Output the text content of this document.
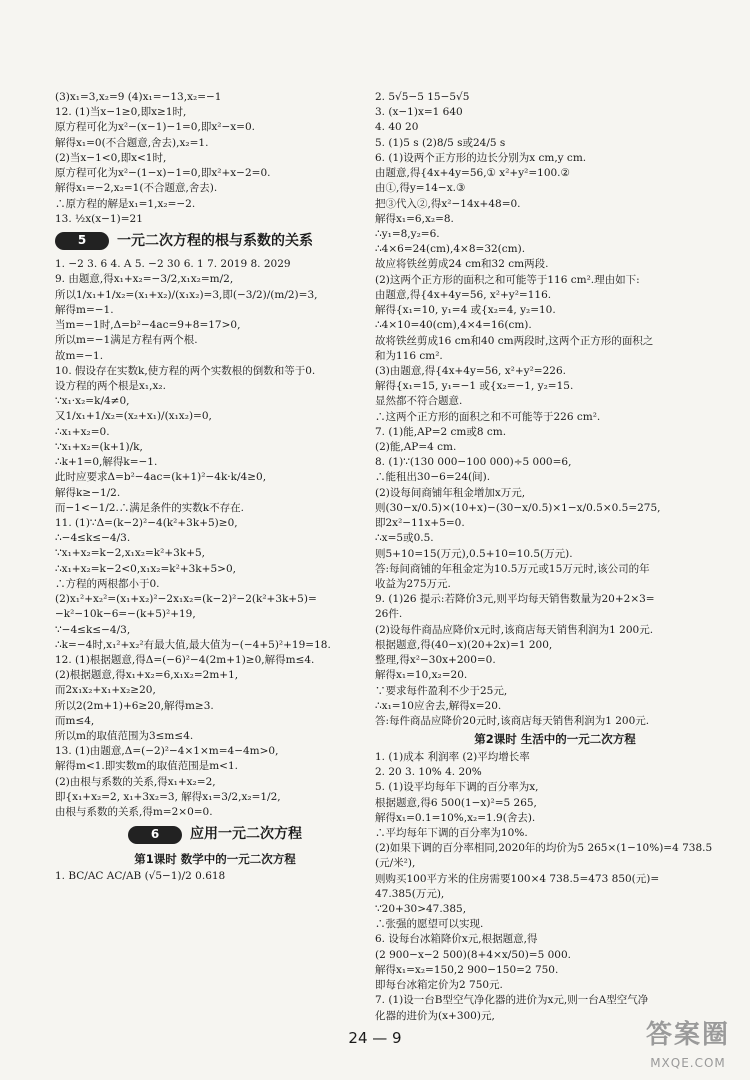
(3)x₁=3,x₂=9 (4)x₁=−13,x₂=−1
12. (1)当x−1≥0,即x≥1时,
原方程可化为x²−(x−1)−1=0,即x²−x=0.
解得x₁=0(不合题意,舍去),x₂=1.
(2)当x−1<0,即x<1时,
原方程可化为x²−(1−x)−1=0,即x²+x−2=0.
解得x₁=−2,x₂=1(不合题意,舍去).
∴原方程的解是x₁=1,x₂=−2.
13. ½x(x−1)=21
5	一元二次方程的根与系数的关系
1. −2 3. 6 4. A 5. −2 30 6. 1 7. 2019 8. 2029
9. 由题意,得x₁+x₂=−3/2,x₁x₂=m/2,
所以1/x₁+1/x₂=(x₁+x₂)/(x₁x₂)=3,即(−3/2)/(m/2)=3,
解得m=−1.
当m=−1时,Δ=b²−4ac=9+8=17>0,
所以m=−1满足方程有两个根.
故m=−1.
10. 假设存在实数k,使方程的两个实数根的倒数和等于0.
设方程的两个根是x₁,x₂.
∵x₁·x₂=k/4≠0,
又1/x₁+1/x₂=(x₂+x₁)/(x₁x₂)=0,
∴x₁+x₂=0.
∵x₁+x₂=(k+1)/k,
∴k+1=0,解得k=−1.
此时应要求Δ=b²−4ac=(k+1)²−4k·k/4≥0,
解得k≥−1/2.
而−1<−1/2.∴满足条件的实数k不存在.
11. (1)∵Δ=(k−2)²−4(k²+3k+5)≥0,
∴−4≤k≤−4/3.
∵x₁+x₂=k−2,x₁x₂=k²+3k+5,
∴x₁+x₂=k−2<0,x₁x₂=k²+3k+5>0,
∴方程的两根都小于0.
(2)x₁²+x₂²=(x₁+x₂)²−2x₁x₂=(k−2)²−2(k²+3k+5)=
−k²−10k−6=−(k+5)²+19,
∵−4≤k≤−4/3,
∴k=−4时,x₁²+x₂²有最大值,最大值为−(−4+5)²+19=18.
12. (1)根据题意,得Δ=(−6)²−4(2m+1)≥0,解得m≤4.
(2)根据题意,得x₁+x₂=6,x₁x₂=2m+1,
而2x₁x₂+x₁+x₂≥20,
所以2(2m+1)+6≥20,解得m≥3.
而m≤4,
所以m的取值范围为3≤m≤4.
13. (1)由题意,Δ=(−2)²−4×1×m=4−4m>0,
解得m<1.即实数m的取值范围是m<1.
(2)由根与系数的关系,得x₁+x₂=2,
即{x₁+x₂=2, x₁+3x₂=3, 解得x₁=3/2,x₂=1/2,
由根与系数的关系,得m=2×0=0.
6	应用一元二次方程
第1课时 数学中的一元二次方程
1. BC/AC AC/AB (√5−1)/2 0.618
2. 5√5−5 15−5√5
3. (x−1)x=1 640
4. 40 20
5. (1)5 s (2)8/5 s或24/5 s
6. (1)设两个正方形的边长分别为x cm,y cm.
由题意,得{4x+4y=56,① x²+y²=100.②
由①,得y=14−x.③
把③代入②,得x²−14x+48=0.
解得x₁=6,x₂=8.
∴y₁=8,y₂=6.
∴4×6=24(cm),4×8=32(cm).
故应将铁丝剪成24 cm和32 cm两段.
(2)这两个正方形的面积之和可能等于116 cm².理由如下:
由题意,得{4x+4y=56, x²+y²=116.
解得{x₁=10, y₁=4 或{x₂=4, y₂=10.
∴4×10=40(cm),4×4=16(cm).
故将铁丝剪成16 cm和40 cm两段时,这两个正方形的面积之
和为116 cm².
(3)由题意,得{4x+4y=56, x²+y²=226.
解得{x₁=15, y₁=−1 或{x₂=−1, y₂=15.
显然都不符合题意.
∴这两个正方形的面积之和不可能等于226 cm².
7. (1)能,AP=2 cm或8 cm.
(2)能,AP=4 cm.
8. (1)∵(130 000−100 000)÷5 000=6,
∴能租出30−6=24(间).
(2)设每间商铺年租金增加x万元,
则(30−x/0.5)×(10+x)−(30−x/0.5)×1−x/0.5×0.5=275,
即2x²−11x+5=0.
∴x=5或0.5.
则5+10=15(万元),0.5+10=10.5(万元).
答:每间商铺的年租金定为10.5万元或15万元时,该公司的年
收益为275万元.
9. (1)26 提示:若降价3元,则平均每天销售数量为20+2×3=
26件.
(2)设每件商品应降价x元时,该商店每天销售利润为1 200元.
根据题意,得(40−x)(20+2x)=1 200,
整理,得x²−30x+200=0.
解得x₁=10,x₂=20.
∵要求每件盈利不少于25元,
∴x₁=10应舍去,解得x=20.
答:每件商品应降价20元时,该商店每天销售利润为1 200元.
第2课时 生活中的一元二次方程
1. (1)成本 利润率 (2)平均增长率
2. 20 3. 10% 4. 20%
5. (1)设平均每年下调的百分率为x,
根据题意,得6 500(1−x)²=5 265,
解得x₁=0.1=10%,x₂=1.9(舍去).
∴平均每年下调的百分率为10%.
(2)如果下调的百分率相同,2020年的均价为5 265×(1−10%)=4 738.5
(元/米²),
则购买100平方米的住房需要100×4 738.5=473 850(元)=
47.385(万元),
∵20+30>47.385,
∴张强的愿望可以实现.
6. 设每台冰箱降价x元,根据题意,得
(2 900−x−2 500)(8+4×x/50)=5 000.
解得x₁=x₂=150,2 900−150=2 750.
即每台冰箱定价为2 750元.
7. (1)设一台B型空气净化器的进价为x元,则一台A型空气净
化器的进价为(x+300)元,
24 — 9	答案圈
MXQE.COM
